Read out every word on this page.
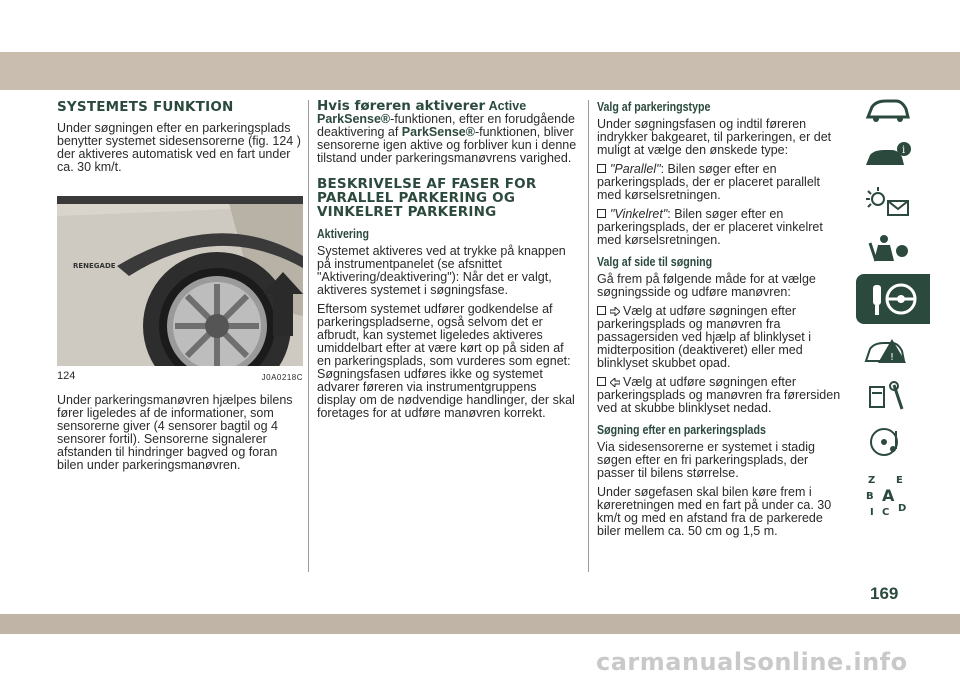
SYSTEMETS FUNKTION

Under søgningen efter en parkeringsplads benytter systemet sidesensorerne (fig. 124 ) der aktiveres automatisk ved en fart under ca. 30 km/t.

RENEGADE
124	J0A0218C

Under parkeringsmanøvren hjælpes bilens fører ligeledes af de informationer, som sensorerne giver (4 sensorer bagtil og 4 sensorer fortil). Sensorerne signalerer afstanden til hindringer bagved og foran bilen under parkeringsmanøvren.

Hvis føreren aktiverer Active ParkSense®-funktionen, efter en forudgående deaktivering af ParkSense®-funktionen, bliver sensorerne igen aktive og forbliver kun i denne tilstand under parkeringsmanøvrens varighed.

BESKRIVELSE AF FASER FOR PARALLEL PARKERING OG VINKELRET PARKERING
Aktivering

Systemet aktiveres ved at trykke på knappen på instrumentpanelet (se afsnittet "Aktivering/deaktivering"): Når det er valgt, aktiveres systemet i søgningsfase.

Eftersom systemet udfører godkendelse af parkeringspladserne, også selvom det er afbrudt, kan systemet ligeledes aktiveres umiddelbart efter at være kørt op på siden af en parkeringsplads, som vurderes som egnet: Søgningsfasen udføres ikke og systemet advarer føreren via instrumentgruppens display om de nødvendige handlinger, der skal foretages for at udføre manøvren korrekt.

Valg af parkeringstype

Under søgningsfasen og indtil føreren indrykker bakgearet, til parkeringen, er det muligt at vælge den ønskede type:

"Parallel": Bilen søger efter en parkeringsplads, der er placeret parallelt med kørselsretningen.

"Vinkelret": Bilen søger efter en parkeringsplads, der er placeret vinkelret med kørselsretningen.

Valg af side til søgning

Gå frem på følgende måde for at vælge søgningsside og udføre manøvren:

Vælg at udføre søgningen efter parkeringsplads og manøvren fra passagersiden ved hjælp af blinklyset i midterposition (deaktiveret) eller med blinklyset skubbet opad.

Vælg at udføre søgningen efter parkeringsplads og manøvren fra førersiden ved at skubbe blinklyset nedad.

Søgning efter en parkeringsplads

Via sidesensorerne er systemet i stadig søgen efter en fri parkeringsplads, der passer til bilens størrelse.

Under søgefasen skal bilen køre frem i køreretningen med en fart på under ca. 30 km/t og med en afstand fra de parkerede biler mellem ca. 50 cm og 1,5 m.

i
!
Z E
B A
I C D
169
carmanualsonline.info
